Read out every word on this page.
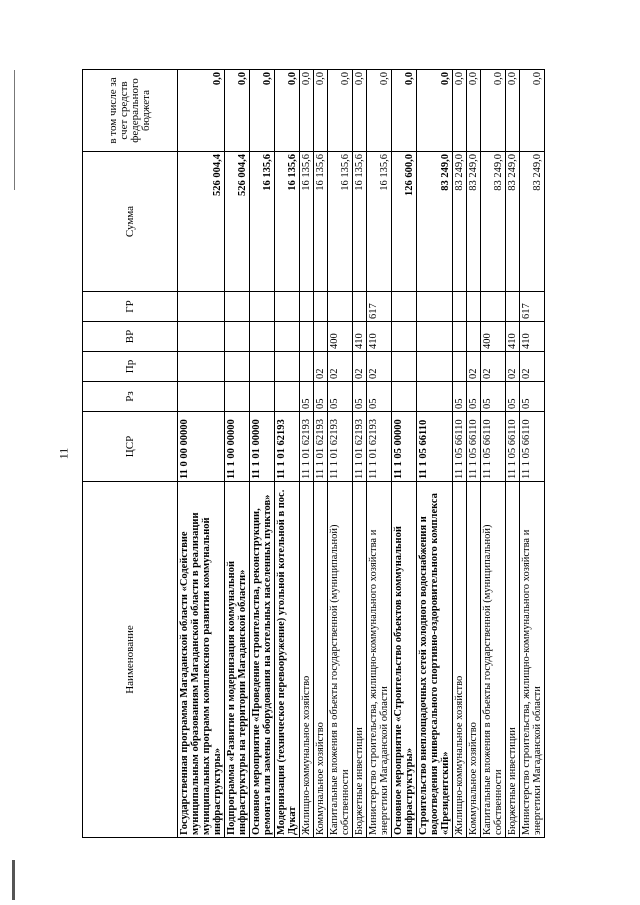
11
Наименование	ЦСР	Рз	Пр	ВР	ГР	Сумма	в том числе за счет средств федерального бюджета
Государственная программа Магаданской области «Содействие муниципальным образованиям Магаданской области в реализации муниципальных программ комплексного развития коммунальной инфраструктуры»	11 0 00 00000					526 004,4	0,0
Подпрограмма «Развитие и модернизация коммунальной инфраструктуры на территории Магаданской области»	11 1 00 00000					526 004,4	0,0
Основное мероприятие «Проведение строительства, реконструкции, ремонта или замены оборудования на котельных населенных пунктов»	11 1 01 00000					16 135,6	0,0
Модернизация (техническое перевооружение) угольной котельной в пос. Дукат	11 1 01 62193					16 135,6	0,0
Жилищно-коммунальное хозяйство	11 1 01 62193	05				16 135,6	0,0
Коммунальное хозяйство	11 1 01 62193	05	02			16 135,6	0,0
Капитальные вложения в объекты государственной (муниципальной) собственности	11 1 01 62193	05	02	400		16 135,6	0,0
Бюджетные инвестиции	11 1 01 62193	05	02	410		16 135,6	0,0
Министерство строительства, жилищно-коммунального хозяйства и энергетики Магаданской области	11 1 01 62193	05	02	410	617	16 135,6	0,0
Основное мероприятие «Строительство объектов коммунальной инфраструктуры»	11 1 05 00000					126 600,0	0,0
Строительство внеплощадочных сетей холодного водоснабжения и водоотведения универсального спортивно-оздоровительного комплекса «Президентский»	11 1 05 66110					83 249,0	0,0
Жилищно-коммунальное хозяйство	11 1 05 66110	05				83 249,0	0,0
Коммунальное хозяйство	11 1 05 66110	05	02			83 249,0	0,0
Капитальные вложения в объекты государственной (муниципальной) собственности	11 1 05 66110	05	02	400		83 249,0	0,0
Бюджетные инвестиции	11 1 05 66110	05	02	410		83 249,0	0,0
Министерство строительства, жилищно-коммунального хозяйства и энергетики Магаданской области	11 1 05 66110	05	02	410	617	83 249,0	0,0
